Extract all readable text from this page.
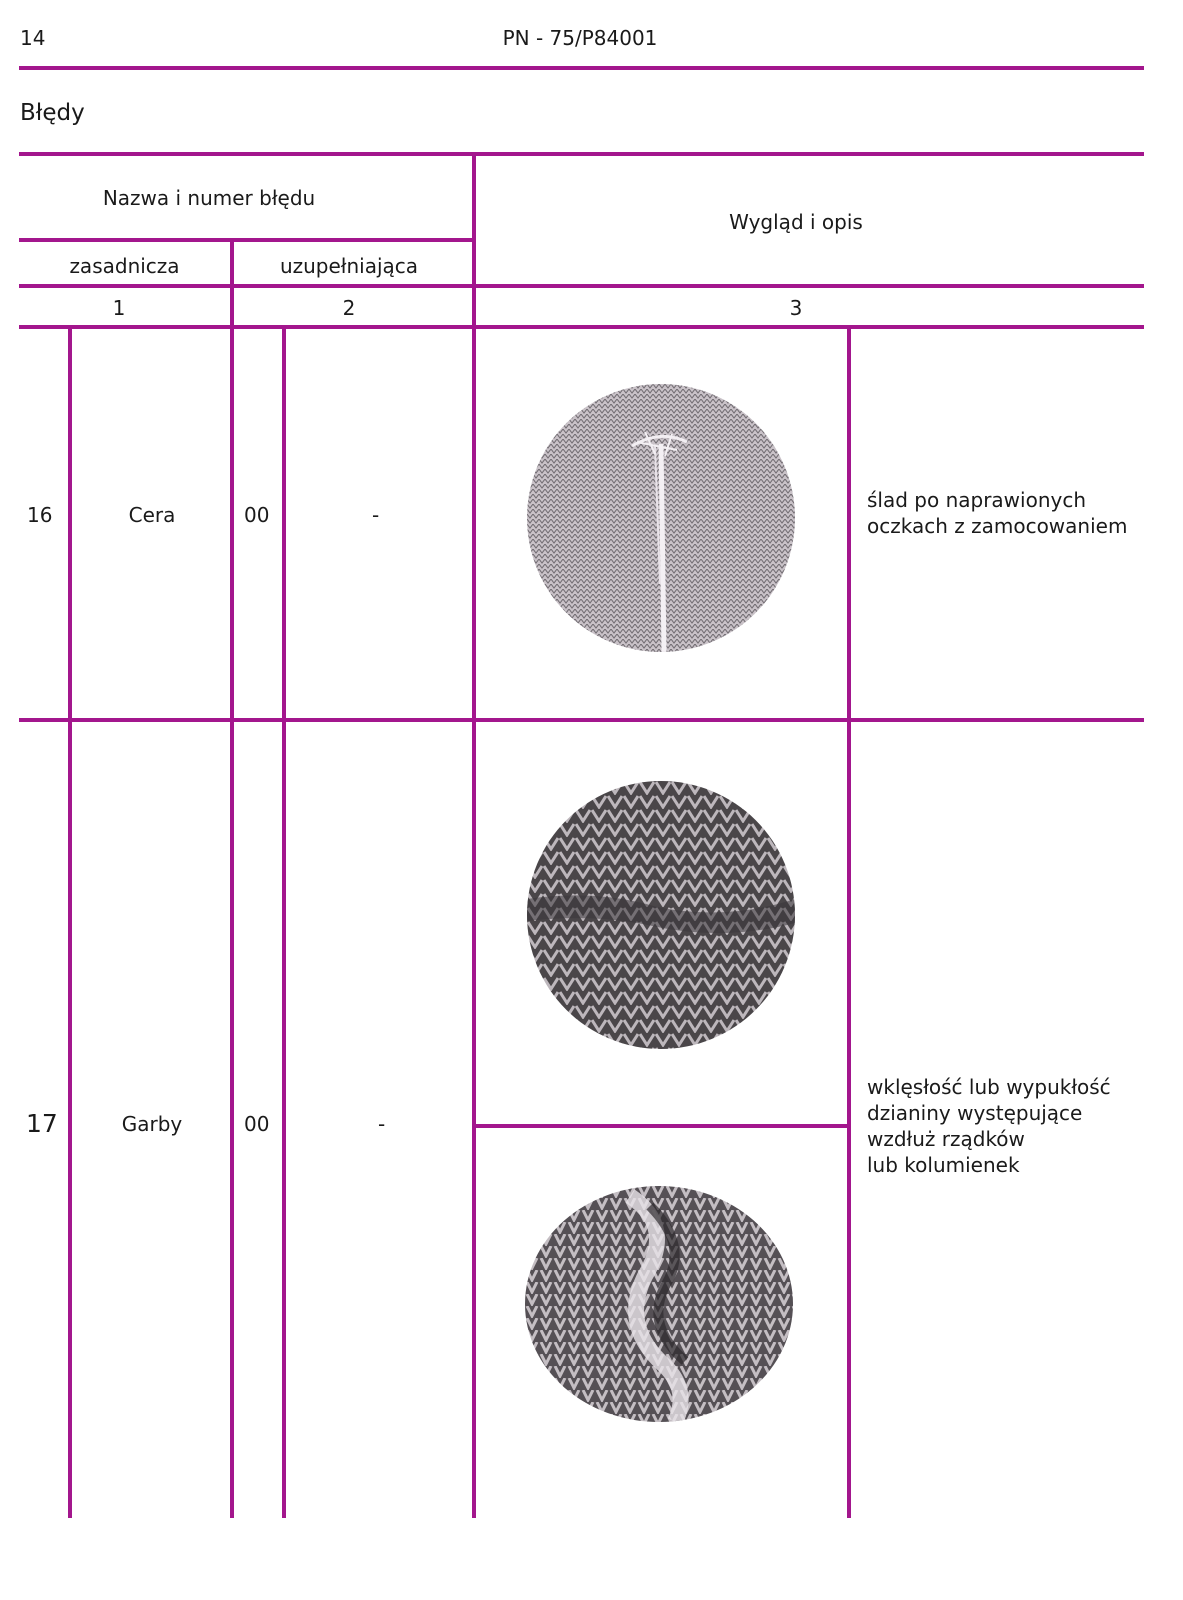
14	PN - 75/P84001
Błędy
Nazwa i numer błędu
Wygląd i opis
zasadnicza	uzupełniająca
1	2	3
16	Cera	00	-
ślad po naprawionych
oczkach z zamocowaniem
17	Garby	00	-
wklęsłość lub wypukłość
dzianiny występujące
wzdłuż rządków
lub kolumienek
